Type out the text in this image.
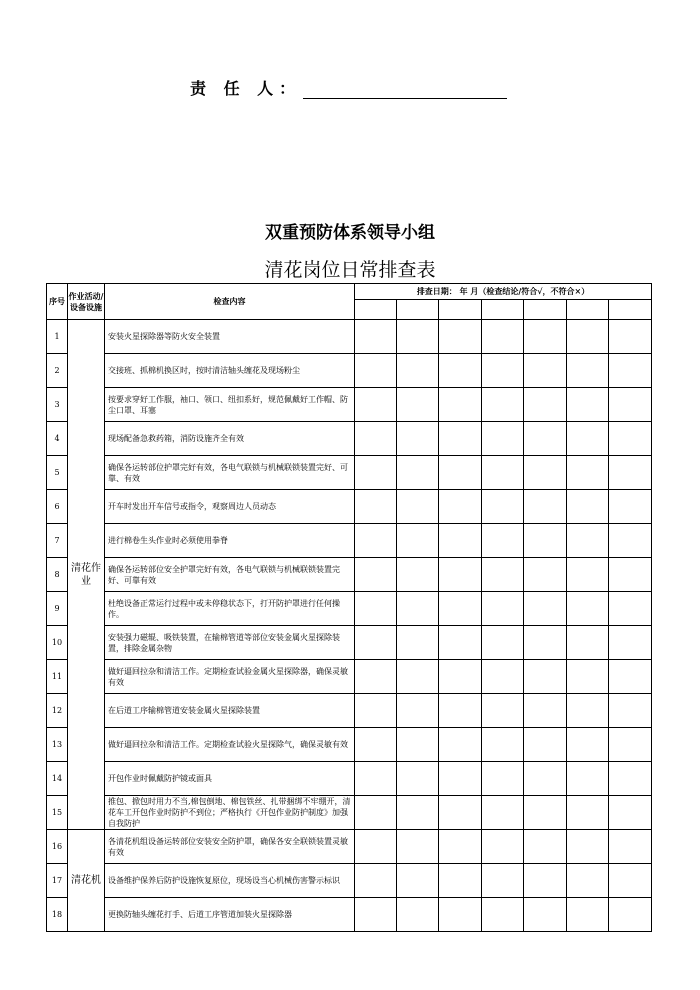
责 任 人：
双重预防体系领导小组
清花岗位日常排查表
序号	作业活动/设备设施	检查内容	排查日期： 年 月（检查结论/符合√，不符合×）						

1	清花作业	安装火星探除器等防火安全装置							
2		交接班、抓棉机换区时，按时清洁轴头缠花及现场粉尘							
3		按要求穿好工作服，袖口、领口、纽扣系好，规范佩戴好工作帽、防尘口罩、耳塞							
4		现场配备急救药箱，消防设施齐全有效							
5		确保各运转部位护罩完好有效，各电气联锁与机械联锁装置完好、可靠、有效							
6		开车时发出开车信号或指令，观察周边人员动态							
7		进行棉卷生头作业时必须使用拳脊							
8		确保各运转部位安全护罩完好有效，各电气联锁与机械联锁装置完好、可靠有效							
9		杜绝设备正常运行过程中或未停稳状态下，打开防护罩进行任何操作。							
10		安装强力磁辊、吸铁装置，在输棉管道等部位安装金属火星探除装置，排除金属杂物							
11		做好逼回拉杂和清洁工作。定期检查试验金属火星探除器，确保灵敏有效							
12		在后道工序输棉管道安装金属火星探除装置							
13		做好逼回拉杂和清洁工作。定期检查试验火星探除气，确保灵敏有效							
14		开包作业时佩戴防护镜或面具							
15		推包、掀包时用力不当,棉包倒地、棉包铁丝、扎带捆绑不牢绷开，清花车工开包作业时防护不到位；严格执行《开包作业防护制度》加强自我防护							
16	清花机	各清花机组设备运转部位安装安全防护罩，确保各安全联锁装置灵敏有效							
17		设备维护保养后防护设施恢复原位，现场设当心机械伤害警示标识							
18		更换防轴头缠花打手、后道工序管道加装火星探除器							
